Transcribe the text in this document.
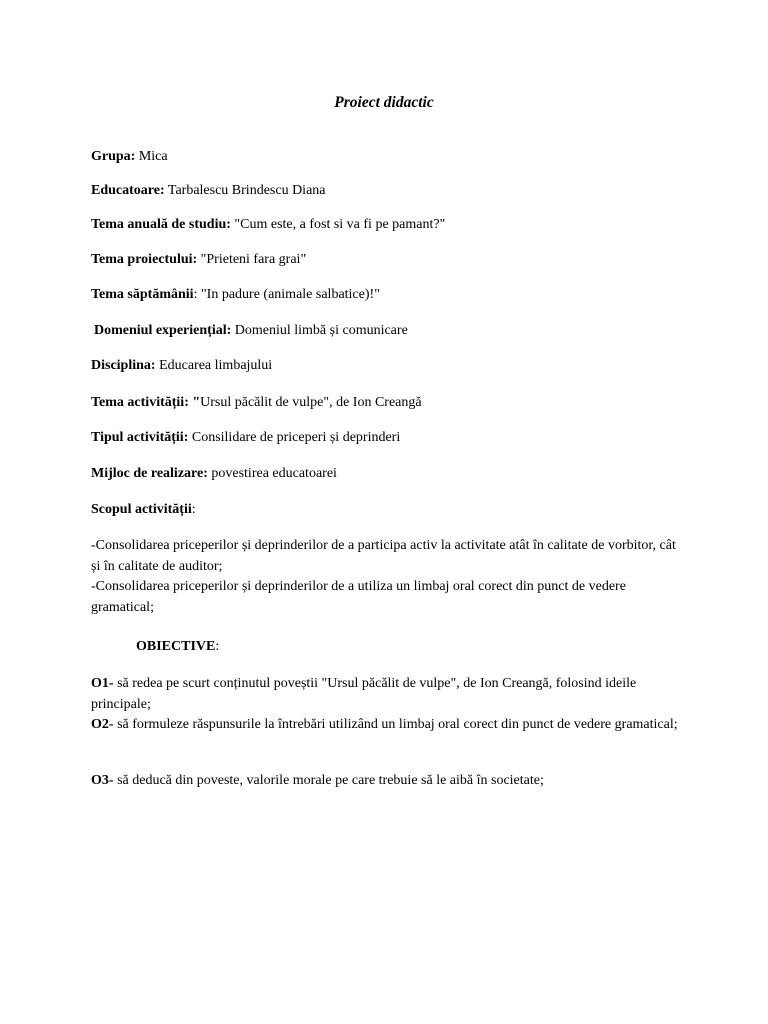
Proiect didactic
Grupa: Mica
Educatoare: Tarbalescu Brindescu Diana
Tema anuală de studiu: "Cum este, a fost si va fi pe pamant?"
Tema proiectului: "Prieteni fara grai"
Tema săptămânii: "In padure (animale salbatice)!"
Domeniul experiențial: Domeniul limbă și comunicare
Disciplina: Educarea limbajului
Tema activității: "Ursul păcălit de vulpe", de Ion Creangă
Tipul activității: Consilidare de priceperi și deprinderi
Mijloc de realizare: povestirea educatoarei
Scopul activității:

-Consolidarea priceperilor și deprinderilor de a participa activ la activitate atât în calitate de vorbitor, cât și în calitate de auditor;

-Consolidarea priceperilor și deprinderilor de a utiliza un limbaj oral corect din punct de vedere gramatical;

OBIECTIVE:

O1- să redea pe scurt conținutul poveștii "Ursul păcălit de vulpe", de Ion Creangă, folosind ideile principale;

O2- să formuleze răspunsurile la întrebări utilizând un limbaj oral corect din punct de vedere gramatical;

O3- să deducă din poveste, valorile morale pe care trebuie să le aibă în societate;
